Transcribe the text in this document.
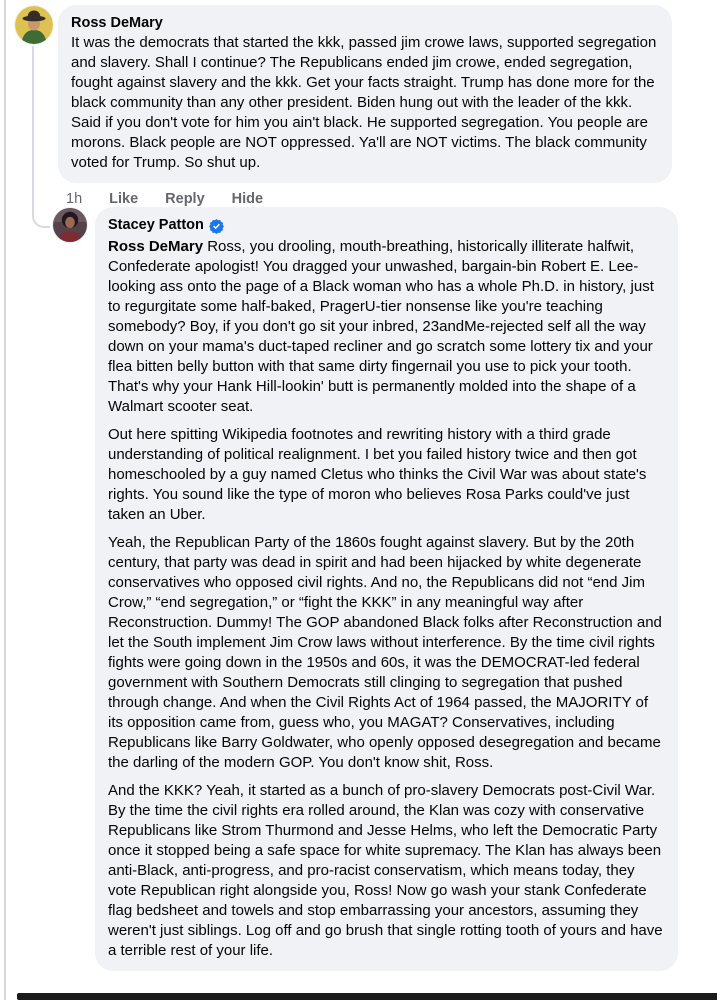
Ross DeMary
It was the democrats that started the kkk, passed jim crowe laws, supported segregation and slavery. Shall I continue? The Republicans ended jim crowe, ended segregation, fought against slavery and the kkk. Get your facts straight. Trump has done more for the black community than any other president. Biden hung out with the leader of the kkk. Said if you don't vote for him you ain't black. He supported segregation. You people are morons. Black people are NOT oppressed. Ya'll are NOT victims. The black community voted for Trump. So shut up.
1h Like Reply Hide
Stacey Patton

Ross DeMary Ross, you drooling, mouth-breathing, historically illiterate halfwit, Confederate apologist! You dragged your unwashed, bargain-bin Robert E. Lee-looking ass onto the page of a Black woman who has a whole Ph.D. in history, just to regurgitate some half-baked, PragerU-tier nonsense like you're teaching somebody? Boy, if you don't go sit your inbred, 23andMe-rejected self all the way down on your mama's duct-taped recliner and go scratch some lottery tix and your flea bitten belly button with that same dirty fingernail you use to pick your tooth. That's why your Hank Hill-lookin' butt is permanently molded into the shape of a Walmart scooter seat.

Out here spitting Wikipedia footnotes and rewriting history with a third grade understanding of political realignment. I bet you failed history twice and then got homeschooled by a guy named Cletus who thinks the Civil War was about state's rights. You sound like the type of moron who believes Rosa Parks could've just taken an Uber.

Yeah, the Republican Party of the 1860s fought against slavery. But by the 20th century, that party was dead in spirit and had been hijacked by white degenerate conservatives who opposed civil rights. And no, the Republicans did not “end Jim Crow,” “end segregation,” or “fight the KKK” in any meaningful way after Reconstruction. Dummy! The GOP abandoned Black folks after Reconstruction and let the South implement Jim Crow laws without interference. By the time civil rights fights were going down in the 1950s and 60s, it was the DEMOCRAT-led federal government with Southern Democrats still clinging to segregation that pushed through change. And when the Civil Rights Act of 1964 passed, the MAJORITY of its opposition came from, guess who, you MAGAT? Conservatives, including Republicans like Barry Goldwater, who openly opposed desegregation and became the darling of the modern GOP. You don't know shit, Ross.

And the KKK? Yeah, it started as a bunch of pro-slavery Democrats post-Civil War. By the time the civil rights era rolled around, the Klan was cozy with conservative Republicans like Strom Thurmond and Jesse Helms, who left the Democratic Party once it stopped being a safe space for white supremacy. The Klan has always been anti-Black, anti-progress, and pro-racist conservatism, which means today, they vote Republican right alongside you, Ross! Now go wash your stank Confederate flag bedsheet and towels and stop embarrassing your ancestors, assuming they weren't just siblings. Log off and go brush that single rotting tooth of yours and have a terrible rest of your life.
